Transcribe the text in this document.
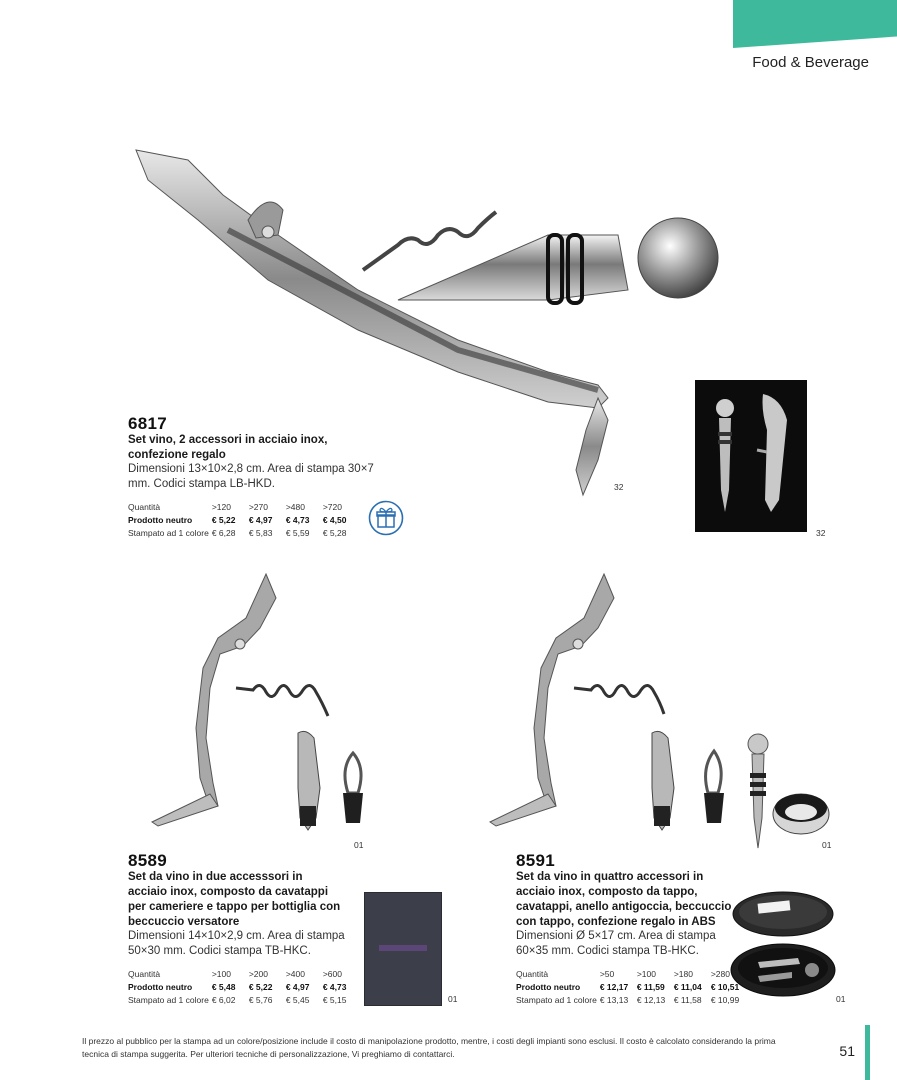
Food & Beverage
32
32
6817
Set vino, 2 accessori in acciaio inox, confezione regalo
Dimensioni 13×10×2,8 cm. Area di stampa 30×7 mm. Codici stampa LB-HKD.
Quantità	>120	>270	>480	>720
Prodotto neutro	€ 5,22	€ 4,97	€ 4,73	€ 4,50
Stampato ad 1 colore	€ 6,28	€ 5,83	€ 5,59	€ 5,28
01
8589
Set da vino in due accesssori in acciaio inox, composto da cavatappi per cameriere e tappo per bottiglia con beccuccio versatore
Dimensioni 14×10×2,9 cm. Area di stampa 50×30 mm. Codici stampa TB-HKC.
Quantità	>100	>200	>400	>600
Prodotto neutro	€ 5,48	€ 5,22	€ 4,97	€ 4,73
Stampato ad 1 colore	€ 6,02	€ 5,76	€ 5,45	€ 5,15	01
01
8591
Set da vino in quattro accessori in acciaio inox, composto da tappo, cavatappi, anello antigoccia, beccuccio con tappo, confezione regalo in ABS
Dimensioni Ø 5×17 cm. Area di stampa 60×35 mm. Codici stampa TB-HKC.
Quantità	>50	>100	>180	>280
Prodotto neutro	€ 12,17	€ 11,59	€ 11,04	€ 10,51
Stampato ad 1 colore	€ 13,13	€ 12,13	€ 11,58	€ 10,99	01
Il prezzo al pubblico per la stampa ad un colore/posizione include il costo di manipolazione prodotto, mentre, i costi degli impianti sono esclusi. Il costo è calcolato considerando la prima tecnica di stampa suggerita. Per ulteriori tecniche di personalizzazione, Vi preghiamo di contattarci.	51
